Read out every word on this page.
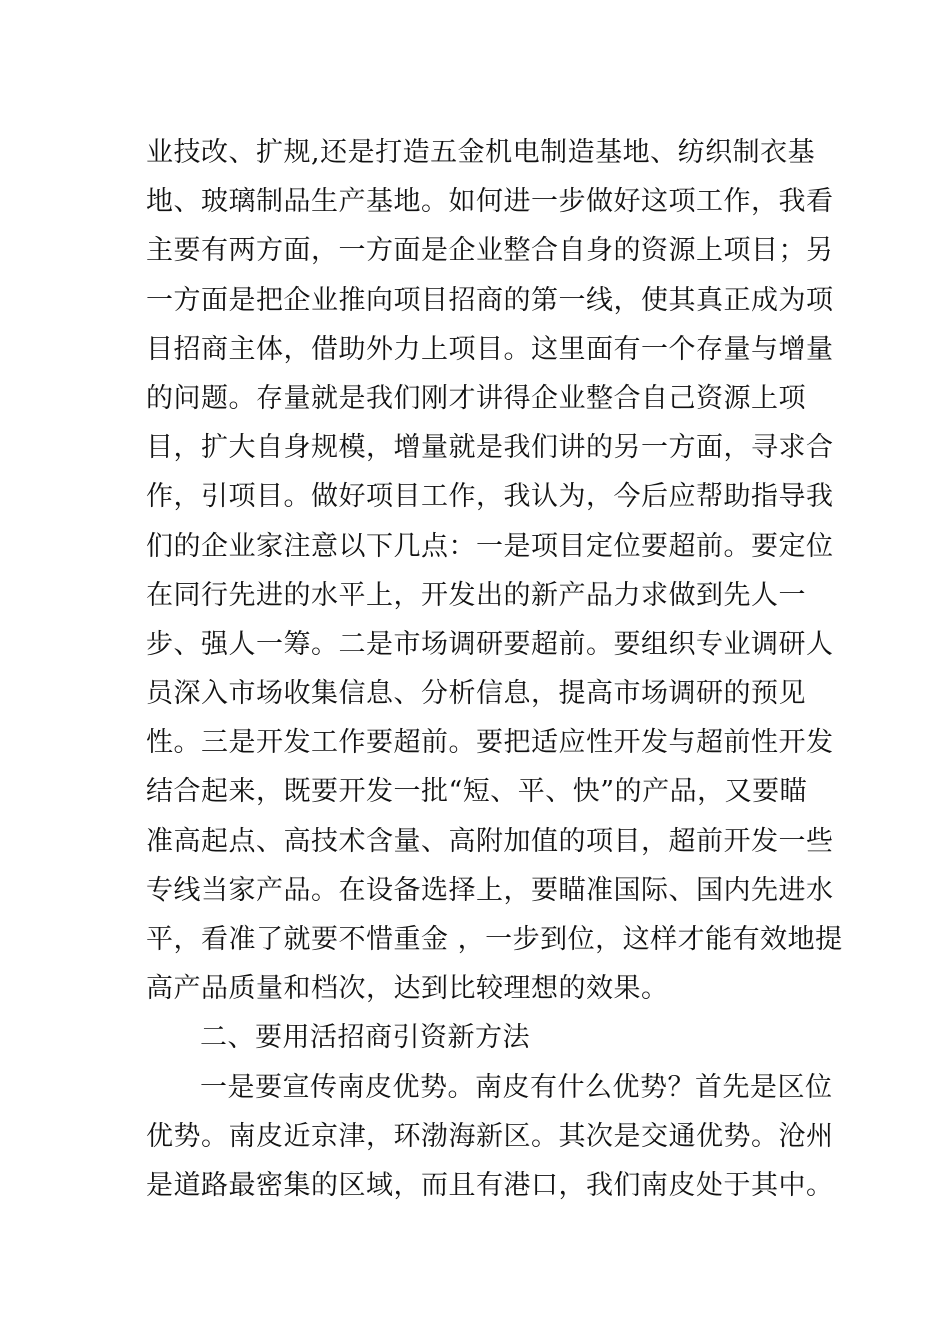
业技改、扩规,还是打造五金机电制造基地、纺织制衣基
地、玻璃制品生产基地。如何进一步做好这项工作，我看
主要有两方面，一方面是企业整合自身的资源上项目；另
一方面是把企业推向项目招商的第一线，使其真正成为项
目招商主体，借助外力上项目。这里面有一个存量与增量
的问题。存量就是我们刚才讲得企业整合自己资源上项
目，扩大自身规模，增量就是我们讲的另一方面，寻求合
作，引项目。做好项目工作，我认为，今后应帮助指导我
们的企业家注意以下几点：一是项目定位要超前。要定位
在同行先进的水平上，开发出的新产品力求做到先人一
步、强人一筹。二是市场调研要超前。要组织专业调研人
员深入市场收集信息、分析信息，提高市场调研的预见
性。三是开发工作要超前。要把适应性开发与超前性开发
结合起来，既要开发一批“短、平、快”的产品，又要瞄
准高起点、高技术含量、高附加值的项目，超前开发一些
专线当家产品。在设备选择上，要瞄准国际、国内先进水
平，看准了就要不惜重金 ，一步到位，这样才能有效地提
高产品质量和档次，达到比较理想的效果。
二、要用活招商引资新方法
一是要宣传南皮优势。南皮有什么优势？首先是区位
优势。南皮近京津，环渤海新区。其次是交通优势。沧州
是道路最密集的区域，而且有港口，我们南皮处于其中。
